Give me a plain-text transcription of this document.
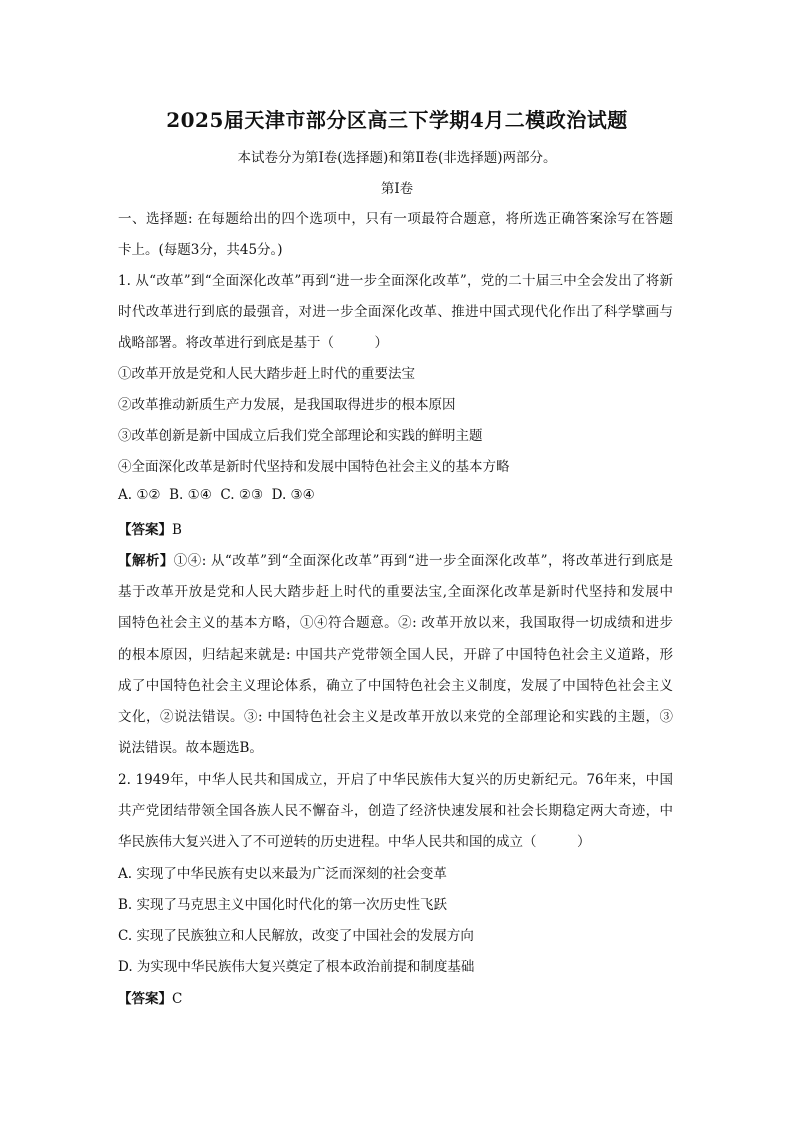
2025届天津市部分区高三下学期4月二模政治试题
本试卷分为第Ⅰ卷(选择题)和第Ⅱ卷(非选择题)两部分。
第Ⅰ卷
一、选择题: 在每题给出的四个选项中，只有一项最符合题意，将所选正确答案涂写在答题
卡上。(每题3分，共45分。)
1. 从“改革”到“全面深化改革”再到“进一步全面深化改革”，党的二十届三中全会发出了将新
时代改革进行到底的最强音，对进一步全面深化改革、推进中国式现代化作出了科学擘画与
战略部署。将改革进行到底是基于（　　　）
①改革开放是党和人民大踏步赶上时代的重要法宝
②改革推动新质生产力发展，是我国取得进步的根本原因
③改革创新是新中国成立后我们党全部理论和实践的鲜明主题
④全面深化改革是新时代坚持和发展中国特色社会主义的基本方略
A. ①②  B. ①④  C. ②③  D. ③④
【答案】B
【解析】①④: 从“改革”到“全面深化改革”再到“进一步全面深化改革”，将改革进行到底是
基于改革开放是党和人民大踏步赶上时代的重要法宝,全面深化改革是新时代坚持和发展中
国特色社会主义的基本方略，①④符合题意。②: 改革开放以来，我国取得一切成绩和进步
的根本原因，归结起来就是: 中国共产党带领全国人民，开辟了中国特色社会主义道路，形
成了中国特色社会主义理论体系，确立了中国特色社会主义制度，发展了中国特色社会主义
文化，②说法错误。③: 中国特色社会主义是改革开放以来党的全部理论和实践的主题，③
说法错误。故本题选B。
2. 1949年，中华人民共和国成立，开启了中华民族伟大复兴的历史新纪元。76年来，中国
共产党团结带领全国各族人民不懈奋斗，创造了经济快速发展和社会长期稳定两大奇迹，中
华民族伟大复兴进入了不可逆转的历史进程。中华人民共和国的成立（　　　）
A. 实现了中华民族有史以来最为广泛而深刻的社会变革
B. 实现了马克思主义中国化时代化的第一次历史性飞跃
C. 实现了民族独立和人民解放，改变了中国社会的发展方向
D. 为实现中华民族伟大复兴奠定了根本政治前提和制度基础
【答案】C
